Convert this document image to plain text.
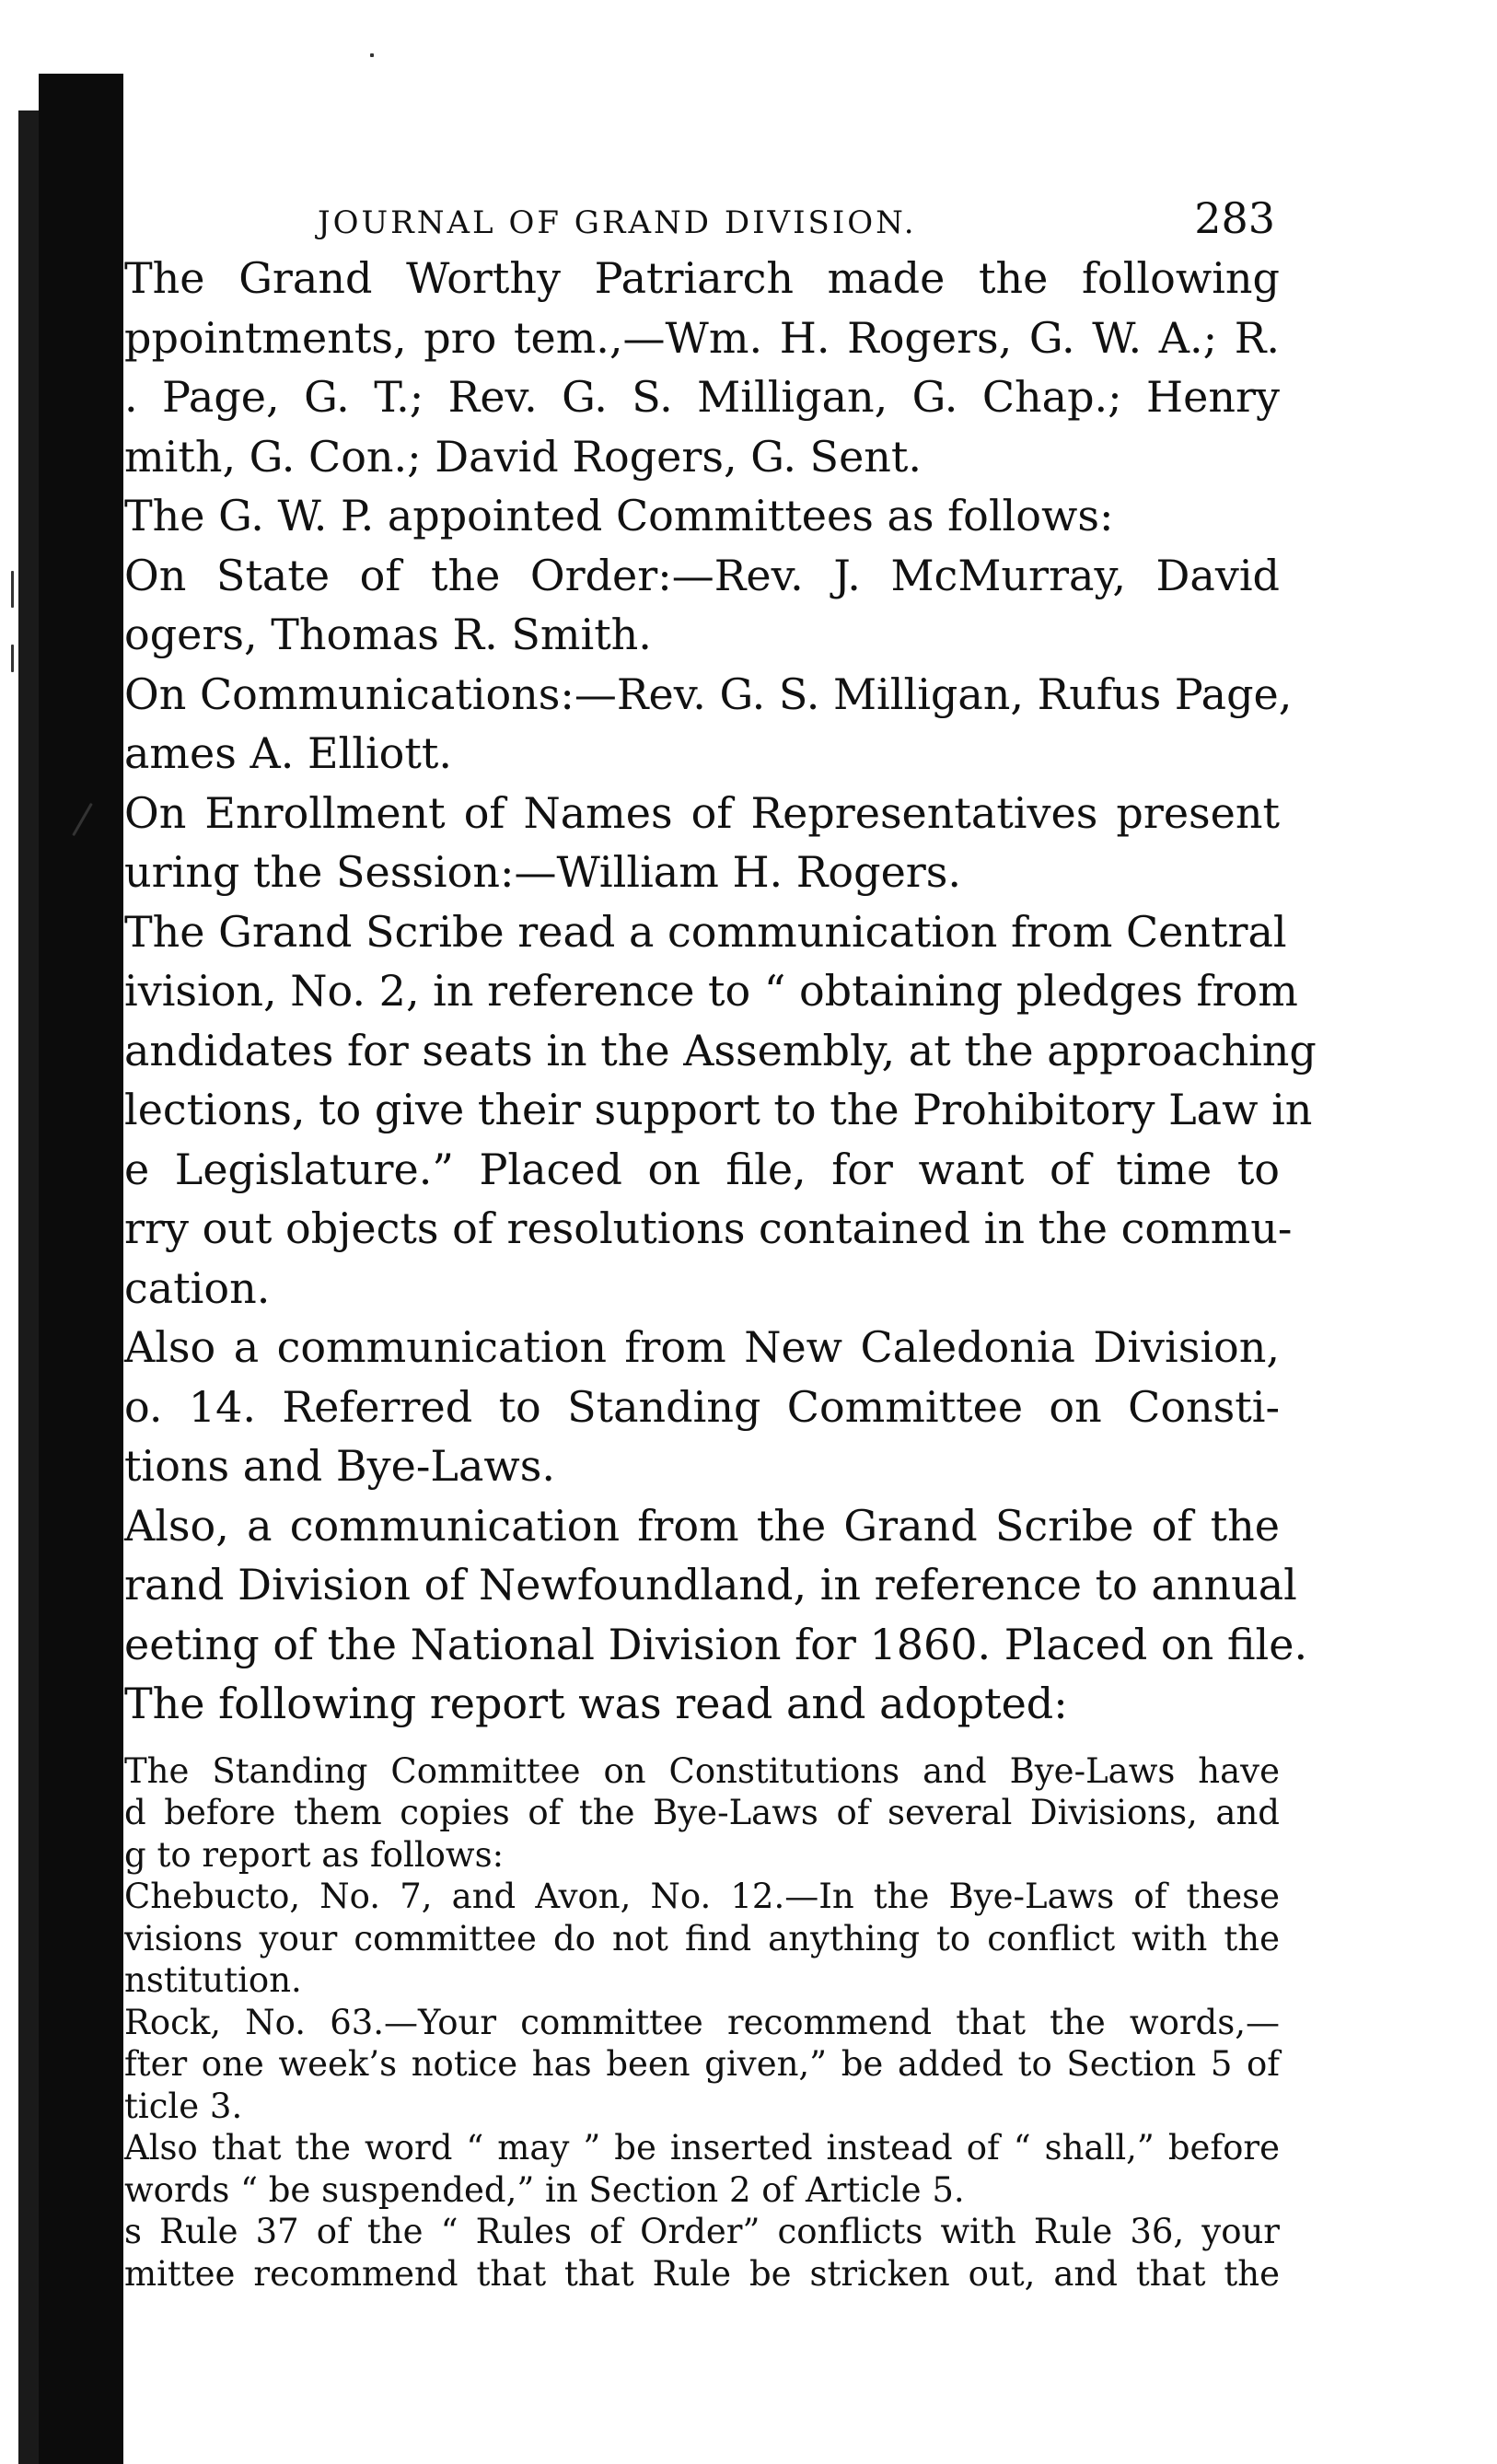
JOURNAL OF GRAND DIVISION.	283
The Grand Worthy Patriarch made the following
ppointments, pro tem.,—Wm. H. Rogers, G. W. A.; R.
. Page, G. T.; Rev. G. S. Milligan, G. Chap.; Henry
mith, G. Con.; David Rogers, G. Sent.
The G. W. P. appointed Committees as follows:
On State of the Order:—Rev. J. McMurray, David
ogers, Thomas R. Smith.
On Communications:—Rev. G. S. Milligan, Rufus Page,
ames A. Elliott.
On Enrollment of Names of Representatives present
uring the Session:—William H. Rogers.
The Grand Scribe read a communication from Central
ivision, No. 2, in reference to “ obtaining pledges from
andidates for seats in the Assembly, at the approaching
lections, to give their support to the Prohibitory Law in
e Legislature.” Placed on file, for want of time to
rry out objects of resolutions contained in the commu-
cation.
Also a communication from New Caledonia Division,
o. 14. Referred to Standing Committee on Consti-
tions and Bye-Laws.
Also, a communication from the Grand Scribe of the
rand Division of Newfoundland, in reference to annual
eeting of the National Division for 1860. Placed on file.
The following report was read and adopted:
The Standing Committee on Constitutions and Bye-Laws have
d before them copies of the Bye-Laws of several Divisions, and
g to report as follows:
Chebucto, No. 7, and Avon, No. 12.—In the Bye-Laws of these
visions your committee do not find anything to conflict with the
nstitution.
Rock, No. 63.—Your committee recommend that the words,—
fter one week’s notice has been given,” be added to Section 5 of
ticle 3.
Also that the word “ may ” be inserted instead of “ shall,” before
words “ be suspended,” in Section 2 of Article 5.
s Rule 37 of the “ Rules of Order” conflicts with Rule 36, your
mittee recommend that that Rule be stricken out, and that the
